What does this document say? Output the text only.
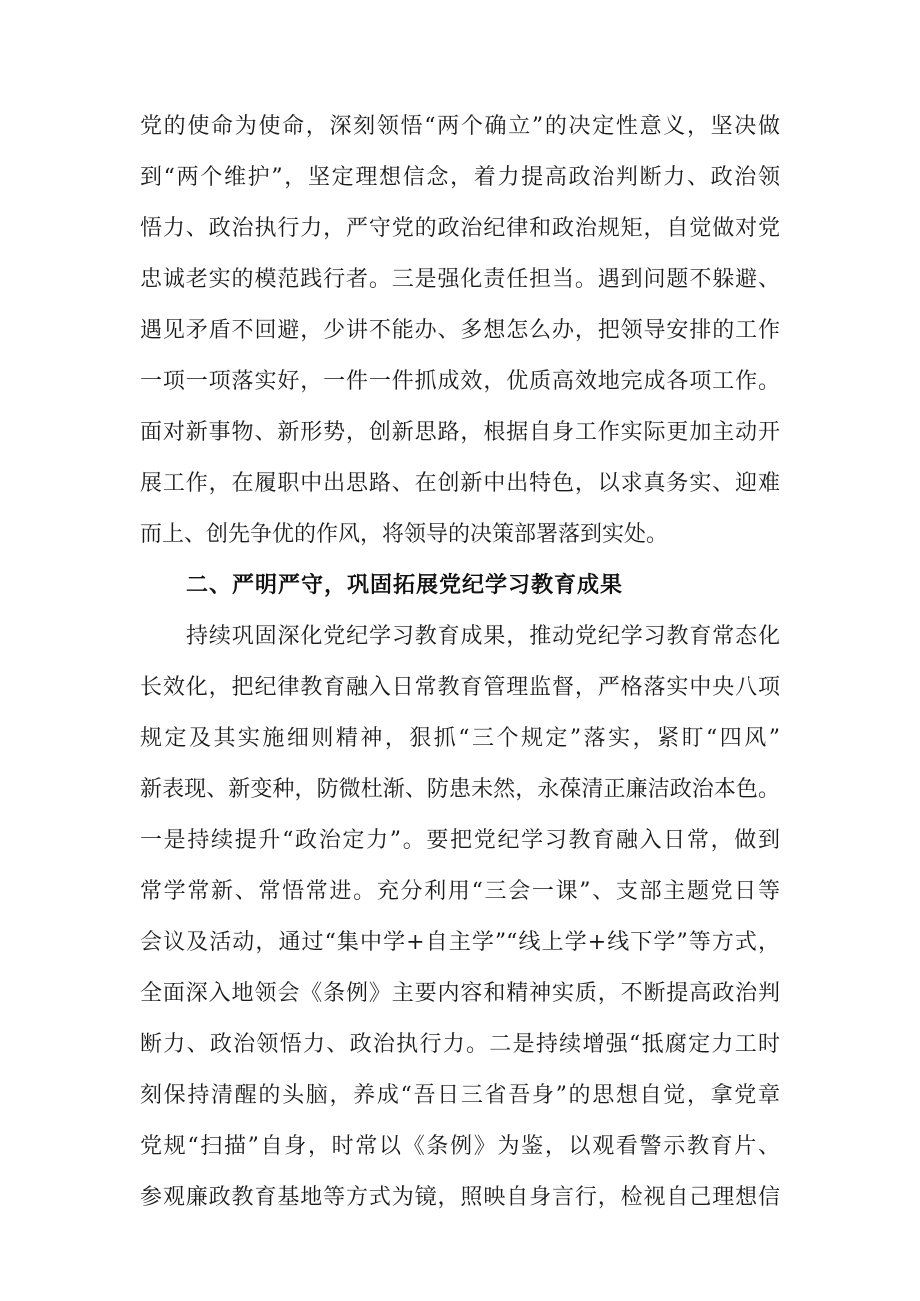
党的使命为使命，深刻领悟“两个确立”的决定性意义，坚决做
到“两个维护”，坚定理想信念，着力提高政治判断力、政治领
悟力、政治执行力，严守党的政治纪律和政治规矩，自觉做对党
忠诚老实的模范践行者。三是强化责任担当。遇到问题不躲避、
遇见矛盾不回避，少讲不能办、多想怎么办，把领导安排的工作
一项一项落实好，一件一件抓成效，优质高效地完成各项工作。
面对新事物、新形势，创新思路，根据自身工作实际更加主动开
展工作，在履职中出思路、在创新中出特色，以求真务实、迎难
而上、创先争优的作风，将领导的决策部署落到实处。
二、严明严守，巩固拓展党纪学习教育成果
持续巩固深化党纪学习教育成果，推动党纪学习教育常态化
长效化，把纪律教育融入日常教育管理监督，严格落实中央八项
规定及其实施细则精神，狠抓“三个规定”落实，紧盯“四风”
新表现、新变种，防微杜渐、防患未然，永葆清正廉洁政治本色。
一是持续提升“政治定力”。要把党纪学习教育融入日常，做到
常学常新、常悟常进。充分利用“三会一课”、支部主题党日等
会议及活动，通过“集中学+自主学”“线上学+线下学”等方式，
全面深入地领会《条例》主要内容和精神实质，不断提高政治判
断力、政治领悟力、政治执行力。二是持续增强“抵腐定力工时
刻保持清醒的头脑，养成“吾日三省吾身”的思想自觉，拿党章
党规“扫描”自身，时常以《条例》为鉴，以观看警示教育片、
参观廉政教育基地等方式为镜，照映自身言行，检视自己理想信
